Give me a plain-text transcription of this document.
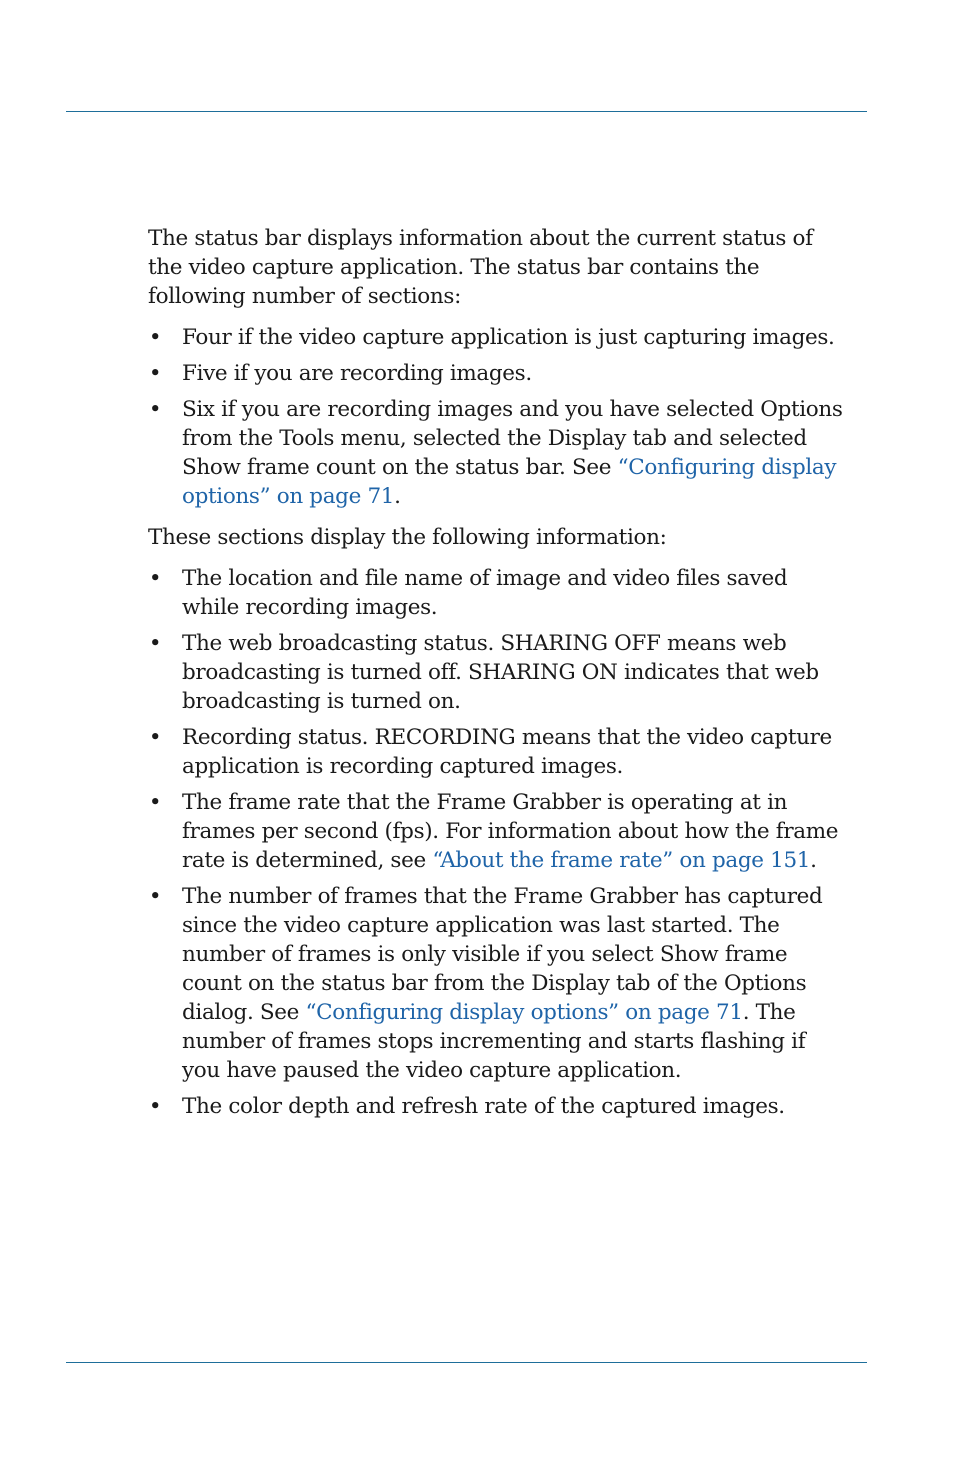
The status bar displays information about the current status of the video capture application. The status bar contains the following number of sections:

• Four if the video capture application is just capturing images.
• Five if you are recording images.
• Six if you are recording images and you have selected Options from the Tools menu, selected the Display tab and selected Show frame count on the status bar. See “Configuring display options” on page 71.

These sections display the following information:

• The location and file name of image and video files saved while recording images.
• The web broadcasting status. SHARING OFF means web broadcasting is turned off. SHARING ON indicates that web broadcasting is turned on.
• Recording status. RECORDING means that the video capture application is recording captured images.
• The frame rate that the Frame Grabber is operating at in frames per second (fps). For information about how the frame rate is determined, see “About the frame rate” on page 151.
• The number of frames that the Frame Grabber has captured since the video capture application was last started. The number of frames is only visible if you select Show frame count on the status bar from the Display tab of the Options dialog. See “Configuring display options” on page 71. The number of frames stops incrementing and starts flashing if you have paused the video capture application.
• The color depth and refresh rate of the captured images.
